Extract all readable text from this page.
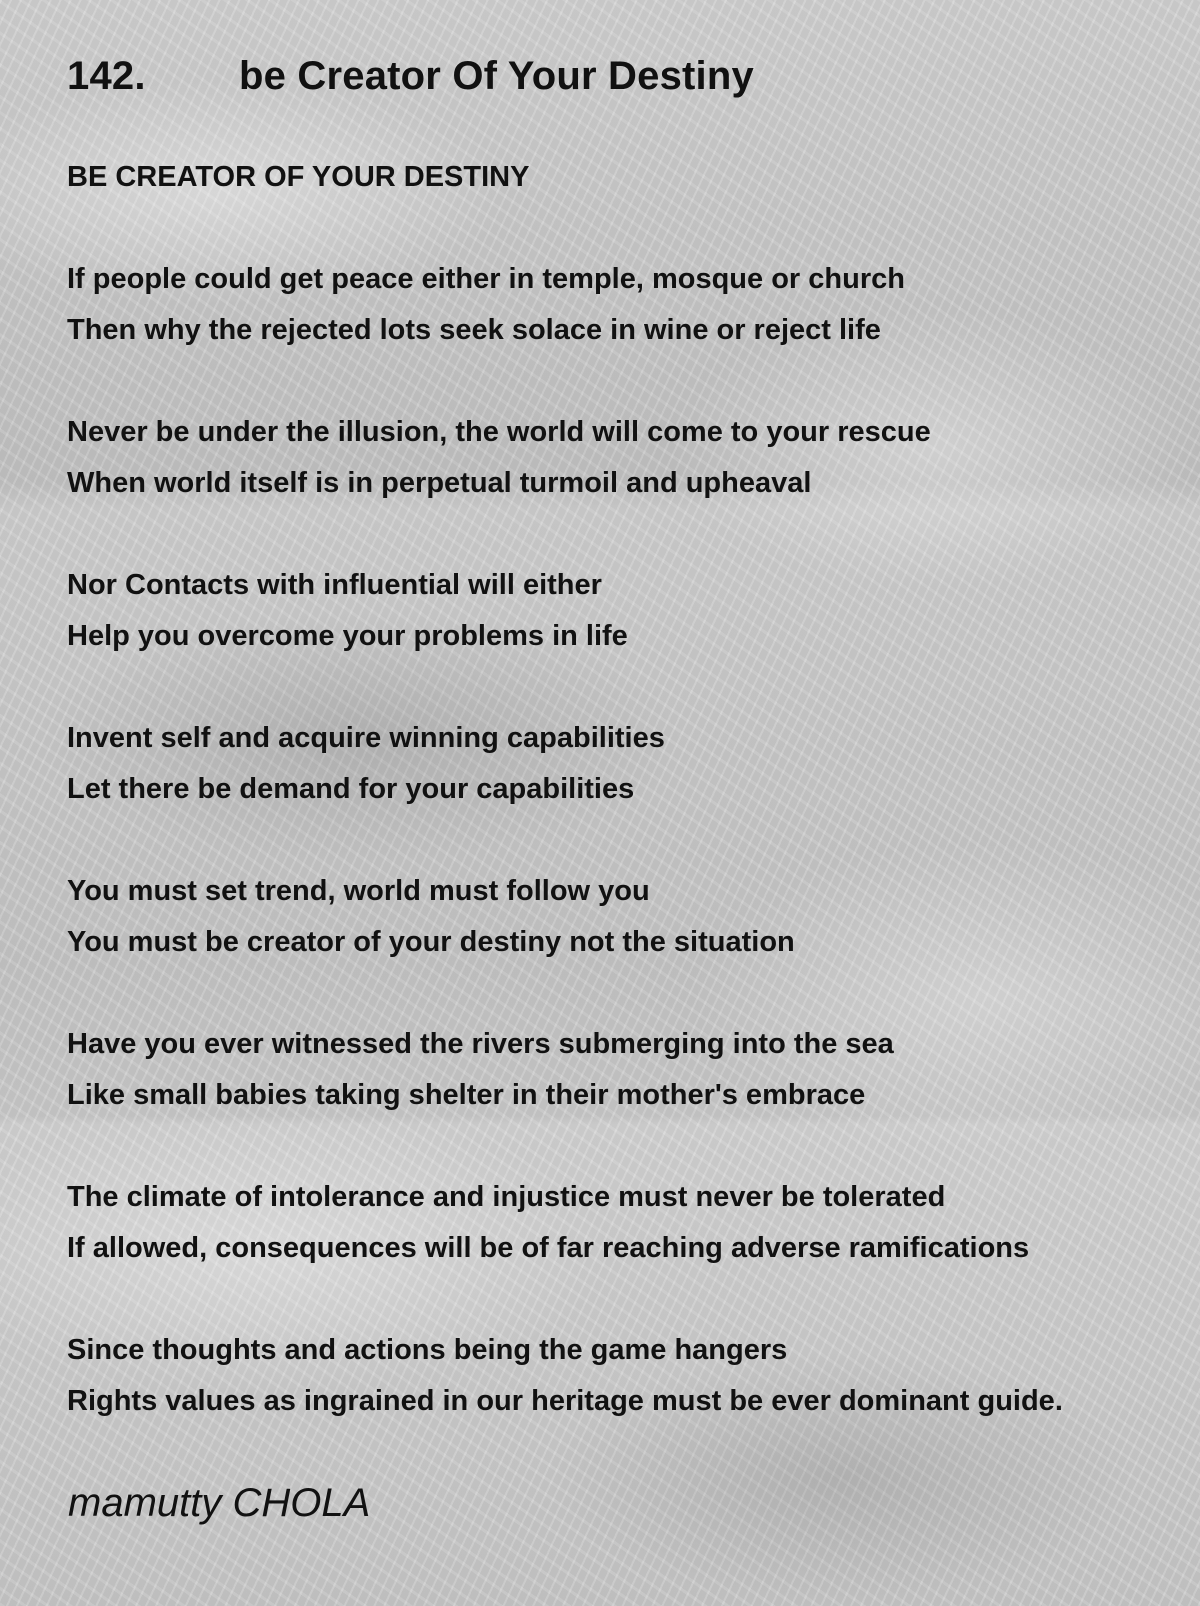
142. be Creator Of Your Destiny
BE CREATOR OF YOUR DESTINY
If people could get peace either in temple, mosque or church
Then why the rejected lots seek solace in wine or reject life
Never be under the illusion, the world will come to your rescue
When world itself is in perpetual turmoil and upheaval
Nor Contacts with influential will either
Help you overcome your problems in life
Invent self and acquire winning capabilities
Let there be demand for your capabilities
You must set trend, world must follow you
You must be creator of your destiny not the situation
Have you ever witnessed the rivers submerging into the sea
Like small babies taking shelter in their mother's embrace
The climate of intolerance and injustice must never be tolerated
If allowed, consequences will be of far reaching adverse ramifications
Since thoughts and actions being the game hangers
Rights values as ingrained in our heritage must be ever dominant guide.
mamutty CHOLA
